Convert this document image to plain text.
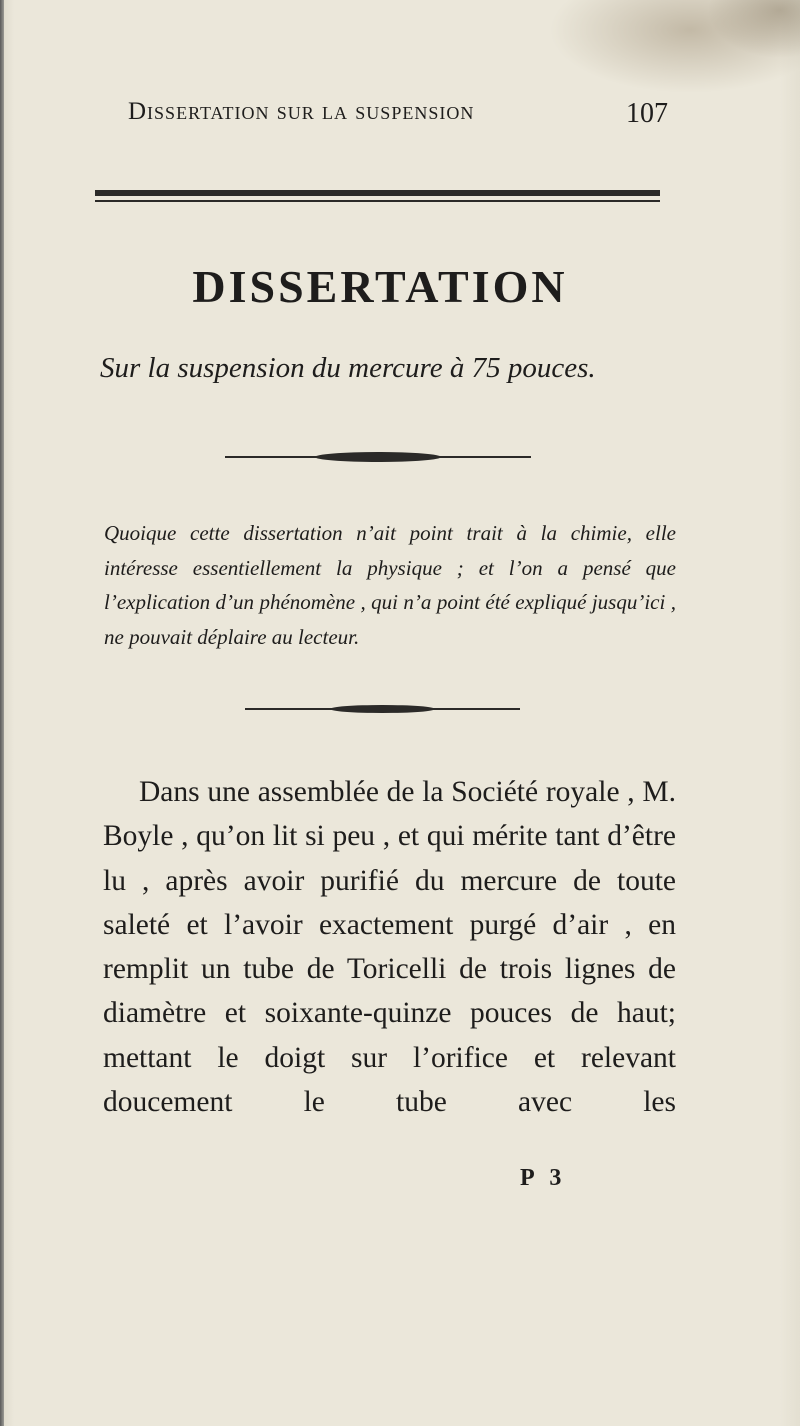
Dissertation sur la suspension	107
DISSERTATION
Sur la suspension du mercure à 75 pouces.

Quoique cette dissertation n’ait point trait à la chimie, elle intéresse essentiellement la physique ; et l’on a pensé que l’explication d’un phénomène , qui n’a point été expliqué jusqu’ici , ne pouvait déplaire au lecteur.

Dans une assemblée de la Société royale , M. Boyle , qu’on lit si peu , et qui mérite tant d’être lu , après avoir purifié du mercure de toute saleté et l’avoir exactement purgé d’air , en remplit un tube de Toricelli de trois lignes de diamètre et soixante-quinze pouces de haut; mettant le doigt sur l’orifice et relevant doucement le tube avec les

P 3
